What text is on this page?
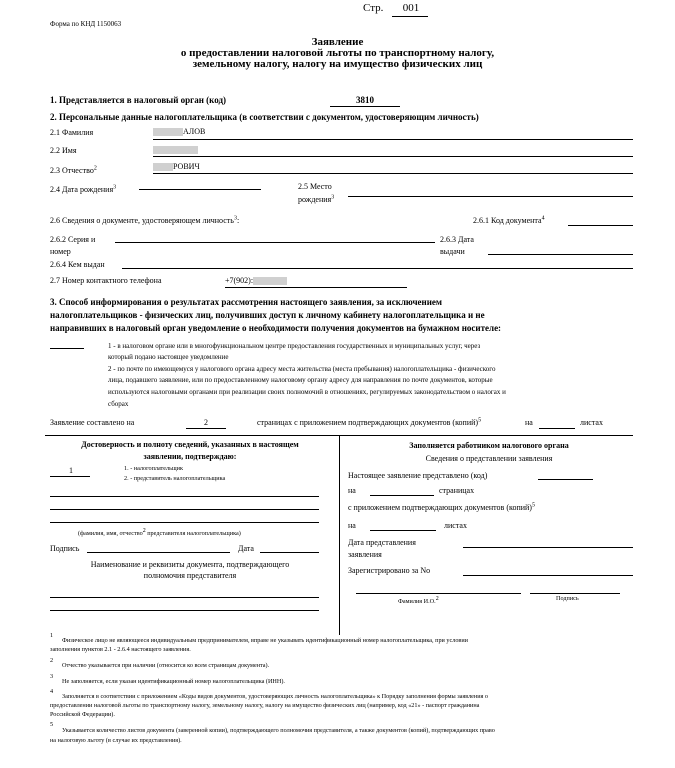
Форма по КНД 1150063
Стр.	001
Заявление
о предоставлении налоговой льготы по транспортному налогу,
земельному налогу, налогу на имущество физических лиц
1. Представляется в налоговый орган (код)	3810
2. Персональные данные налогоплательщика (в соответствии с документом, удостоверяющим личность)
2.1 Фамилия	АЛОВ
2.2 Имя
2.3 Отчество$^2$	РОВИЧ
2.4 Дата рождения$^3$	2.5 Место
рождения$^3$
2.6 Сведения о документе, удостоверяющем личность$^3$:	2.6.1 Код документа$^4$
2.6.2 Серия и
номер
2.6.3 Дата
выдачи
2.6.4 Кем выдан
2.7 Номер контактного телефона	+7(902):
3. Способ информирования о результатах рассмотрения настоящего заявления, за исключением
налогоплательщиков - физических лиц, получивших доступ к личному кабинету налогоплательщика и не
направивших в налоговый орган уведомление о необходимости получения документов на бумажном носителе:
1 - в налоговом органе или в многофункциональном центре предоставления государственных и муниципальных услуг, через
который подано настоящее уведомление
2 - по почте по имеющемуся у налогового органа адресу места жительства (места пребывания) налогоплательщика - физического
лица, подавшего заявление, или по предоставленному налоговому органу адресу для направления по почте документов, которые
используются налоговыми органами при реализации своих полномочий в отношениях, регулируемых законодательством о налогах и
сборах
Заявление составлено на	2	страницах с приложением подтверждающих документов (копий)$^5$	на	листах
Достоверность и полноту сведений, указанных в настоящем
заявлении, подтверждаю:
1	1. - налогоплательщик
2. - представитель налогоплательщика
(фамилия, имя, отчество$^2$ представителя налогоплательщика)
Подпись	Дата
Наименование и реквизиты документа, подтверждающего
полномочия представителя
Заполняется работником налогового органа
Сведения о представлении заявления
Настоящее заявление представлено (код)
на	страницах
с приложением подтверждающих документов (копий)$^5$
на	листах
Дата представления
заявления
Зарегистрировано за No
Фамилия И.О.$^2$	Подпись
1
Физическое лицо не являющееся индивидуальным предпринимателем, вправе не указывать идентификационный номер налогоплательщика, при условии
заполнения пунктов 2.1 - 2.6.4 настоящего заявления.
2
Отчество указывается при наличии (относится ко всем страницам документа).
3
Не заполняется, если указан идентификационный номер налогоплательщика (ИНН).
4
Заполняется в соответствии с приложением «Коды видов документов, удостоверяющих личность налогоплательщика» к Порядку заполнения формы заявления о
предоставлении налоговой льготы по транспортному налогу, земельному налогу, налогу на имущество физических лиц (например, код «21» - паспорт гражданина
Российской Федерации).
5
Указывается количество листов документа (заверенной копии), подтверждающего полномочия представителя, а также документов (копий), подтверждающих право
на налоговую льготу (в случае их представления).
